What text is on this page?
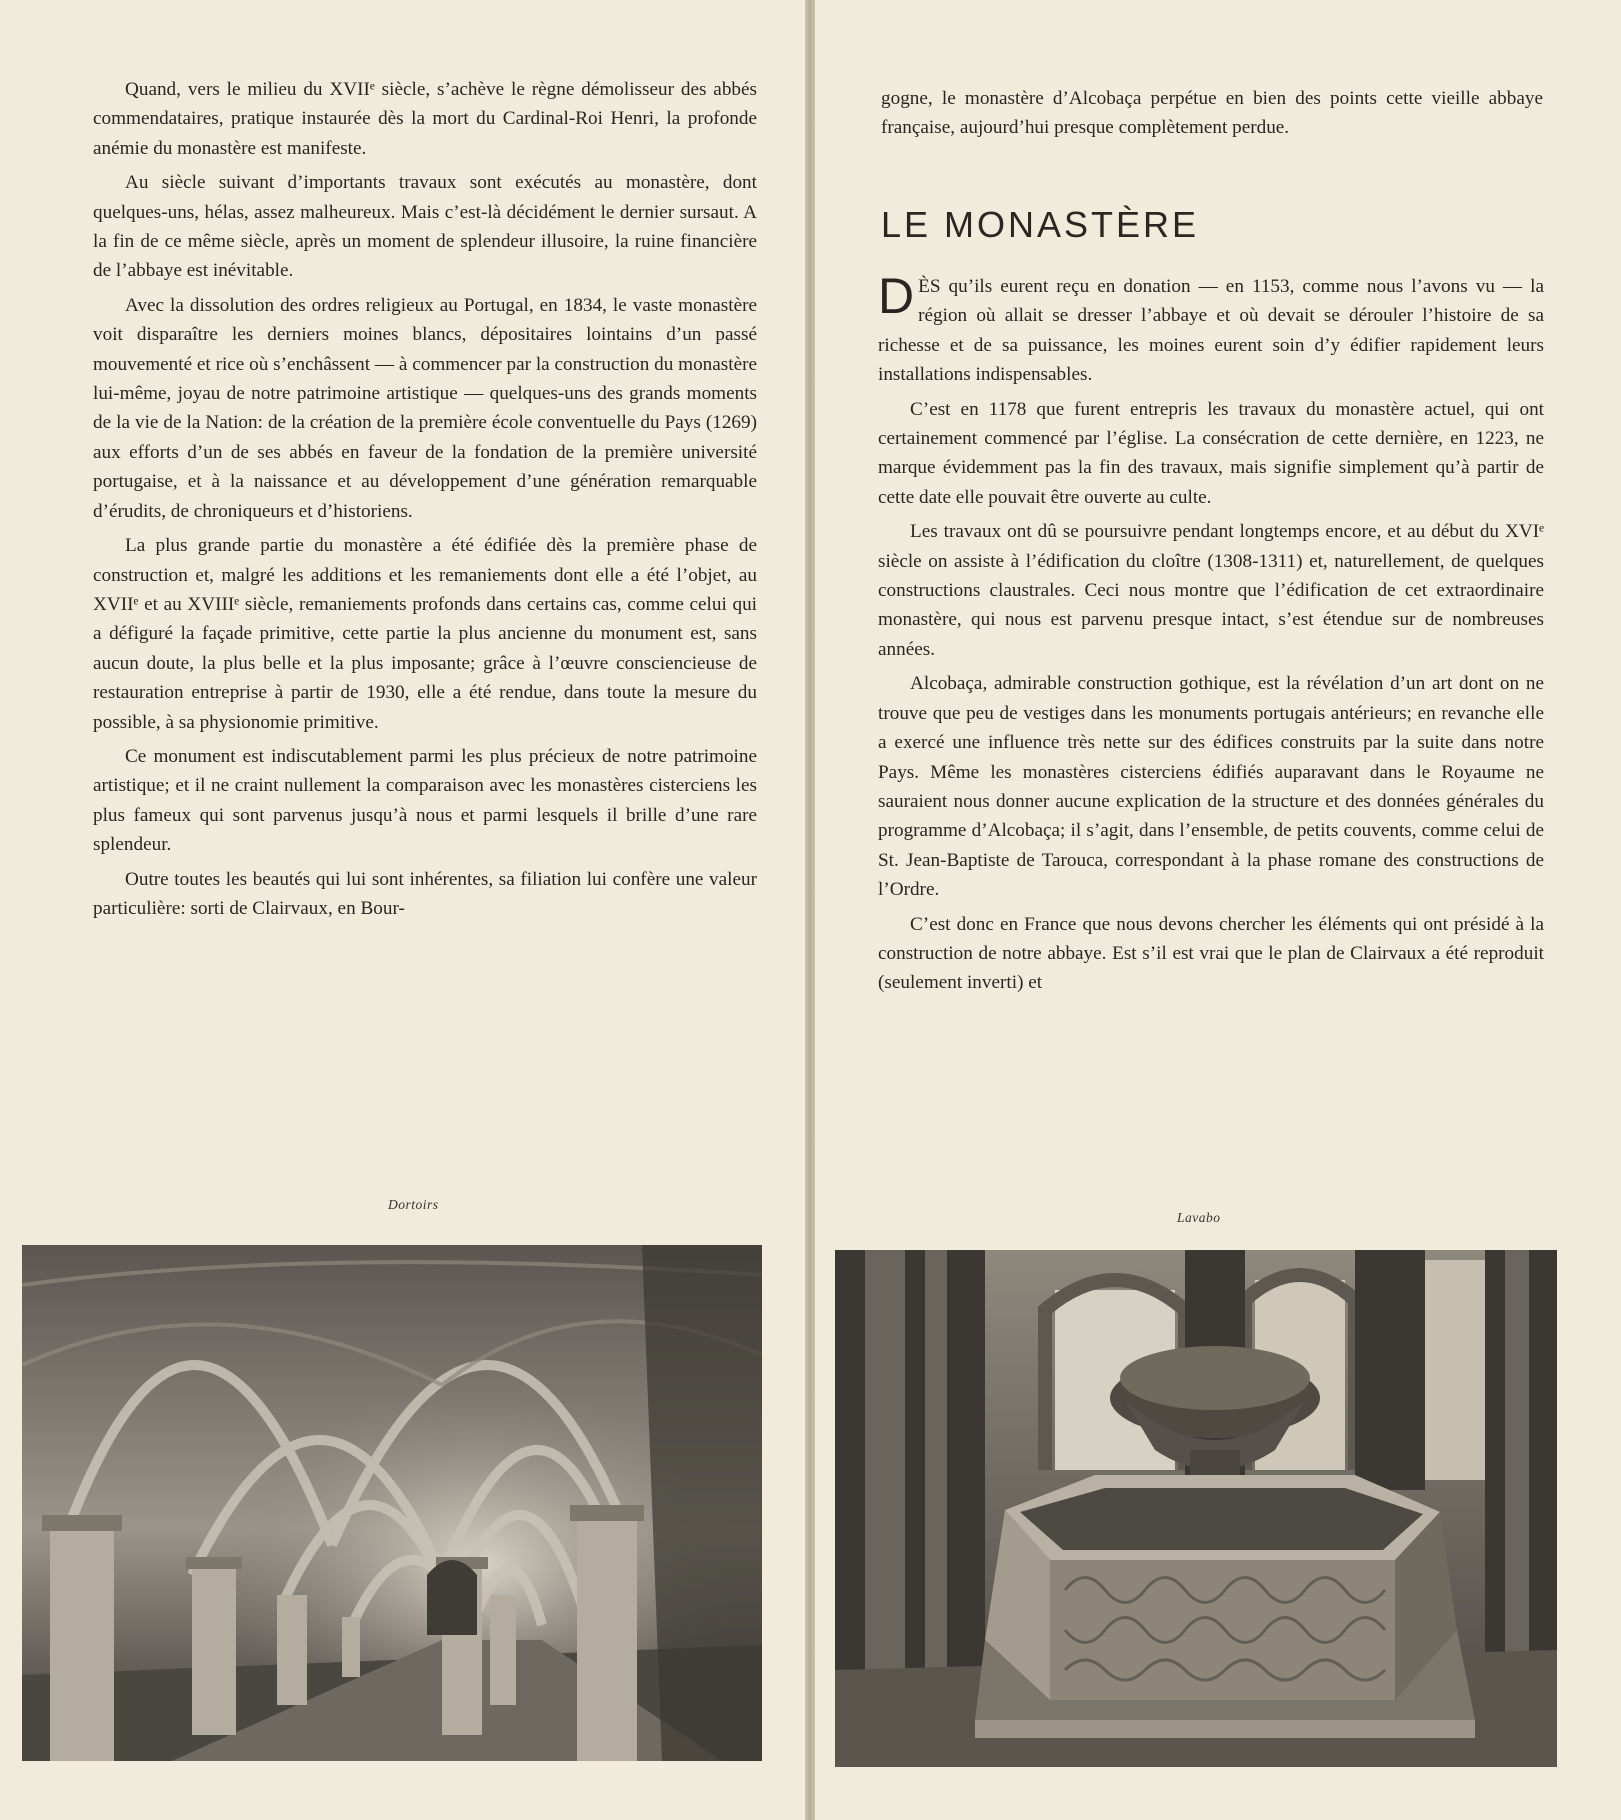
Quand, vers le milieu du XVIIᵉ siècle, s’achève le règne démolisseur des abbés commendataires, pratique instaurée dès la mort du Cardinal-Roi Henri, la profonde anémie du monastère est manifeste.

Au siècle suivant d’importants travaux sont exécutés au monastère, dont quelques-uns, hélas, assez malheureux. Mais c’est-là décidément le dernier sursaut. A la fin de ce même siècle, après un moment de splendeur illusoire, la ruine financière de l’abbaye est inévitable.

Avec la dissolution des ordres religieux au Portugal, en 1834, le vaste monastère voit disparaître les derniers moines blancs, dépositaires lointains d’un passé mouvementé et rice où s’enchâssent — à commencer par la construction du monastère lui-même, joyau de notre patrimoine artistique — quelques-uns des grands moments de la vie de la Nation: de la création de la première école conventuelle du Pays (1269) aux efforts d’un de ses abbés en faveur de la fondation de la première université portugaise, et à la naissance et au développement d’une génération remarquable d’érudits, de chroniqueurs et d’historiens.

La plus grande partie du monastère a été édifiée dès la première phase de construction et, malgré les additions et les remaniements dont elle a été l’objet, au XVIIᵉ et au XVIIIᵉ siècle, remaniements profonds dans certains cas, comme celui qui a défiguré la façade primitive, cette partie la plus ancienne du monument est, sans aucun doute, la plus belle et la plus imposante; grâce à l’œuvre consciencieuse de restauration entreprise à partir de 1930, elle a été rendue, dans toute la mesure du possible, à sa physionomie primitive.

Ce monument est indiscutablement parmi les plus précieux de notre patrimoine artistique; et il ne craint nullement la comparaison avec les monastères cisterciens les plus fameux qui sont parvenus jusqu’à nous et parmi lesquels il brille d’une rare splendeur.

Outre toutes les beautés qui lui sont inhérentes, sa filiation lui confère une valeur particulière: sorti de Clairvaux, en Bour-

Dortoirs

gogne, le monastère d’Alcobaça perpétue en bien des points cette vieille abbaye française, aujourd’hui presque complètement perdue.

LE MONASTÈRE

DÈS qu’ils eurent reçu en donation — en 1153, comme nous l’avons vu — la région où allait se dresser l’abbaye et où devait se dérouler l’histoire de sa richesse et de sa puissance, les moines eurent soin d’y édifier rapidement leurs installations indispensables.

C’est en 1178 que furent entrepris les travaux du monastère actuel, qui ont certainement commencé par l’église. La consécration de cette dernière, en 1223, ne marque évidemment pas la fin des travaux, mais signifie simplement qu’à partir de cette date elle pouvait être ouverte au culte.

Les travaux ont dû se poursuivre pendant longtemps encore, et au début du XVIᵉ siècle on assiste à l’édification du cloître (1308-1311) et, naturellement, de quelques constructions claustrales. Ceci nous montre que l’édification de cet extraordinaire monastère, qui nous est parvenu presque intact, s’est étendue sur de nombreuses années.

Alcobaça, admirable construction gothique, est la révélation d’un art dont on ne trouve que peu de vestiges dans les monuments portugais antérieurs; en revanche elle a exercé une influence très nette sur des édifices construits par la suite dans notre Pays. Même les monastères cisterciens édifiés auparavant dans le Royaume ne sauraient nous donner aucune explication de la structure et des données générales du programme d’Alcobaça; il s’agit, dans l’ensemble, de petits couvents, comme celui de St. Jean-Baptiste de Tarouca, correspondant à la phase romane des constructions de l’Ordre.

C’est donc en France que nous devons chercher les éléments qui ont présidé à la construction de notre abbaye. Est s’il est vrai que le plan de Clairvaux a été reproduit (seulement inverti) et

Lavabo
